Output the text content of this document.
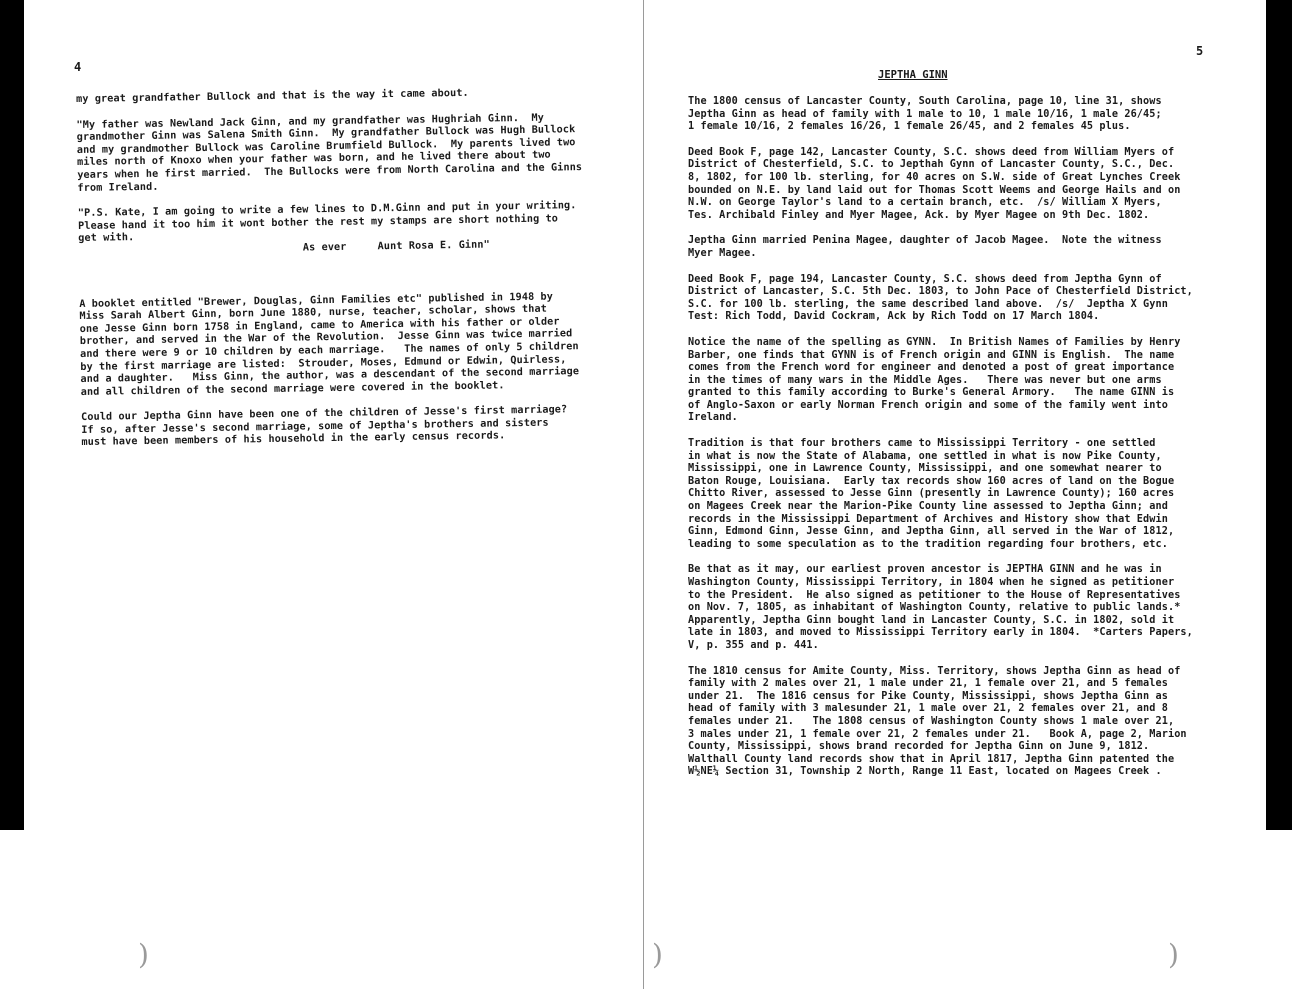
4
5

my great grandfather Bullock and that is the way it came about.

"My father was Newland Jack Ginn, and my grandfather was Hughriah Ginn.  My
grandmother Ginn was Salena Smith Ginn.  My grandfather Bullock was Hugh Bullock
and my grandmother Bullock was Caroline Brumfield Bullock.  My parents lived two
miles north of Knoxo when your father was born, and he lived there about two
years when he first married.  The Bullocks were from North Carolina and the Ginns
from Ireland.

"P.S. Kate, I am going to write a few lines to D.M.Ginn and put in your writing.
Please hand it too him it wont bother the rest my stamps are short nothing to
get with.
As ever     Aunt Rosa E. Ginn"

A booklet entitled "Brewer, Douglas, Ginn Families etc" published in 1948 by
Miss Sarah Albert Ginn, born June 1880, nurse, teacher, scholar, shows that
one Jesse Ginn born 1758 in England, came to America with his father or older
brother, and served in the War of the Revolution.  Jesse Ginn was twice married
and there were 9 or 10 children by each marriage.   The names of only 5 children
by the first marriage are listed:  Strouder, Moses, Edmund or Edwin, Quirless,
and a daughter.   Miss Ginn, the author, was a descendant of the second marriage
and all children of the second marriage were covered in the booklet.

Could our Jeptha Ginn have been one of the children of Jesse's first marriage?
If so, after Jesse's second marriage, some of Jeptha's brothers and sisters
must have been members of his household in the early census records.

JEPTHA GINN

The 1800 census of Lancaster County, South Carolina, page 10, line 31, shows
Jeptha Ginn as head of family with 1 male to 10, 1 male 10/16, 1 male 26/45;
1 female 10/16, 2 females 16/26, 1 female 26/45, and 2 females 45 plus.

Deed Book F, page 142, Lancaster County, S.C. shows deed from William Myers of
District of Chesterfield, S.C. to Jepthah Gynn of Lancaster County, S.C., Dec.
8, 1802, for 100 lb. sterling, for 40 acres on S.W. side of Great Lynches Creek
bounded on N.E. by land laid out for Thomas Scott Weems and George Hails and on
N.W. on George Taylor's land to a certain branch, etc.  /s/ William X Myers,
Tes. Archibald Finley and Myer Magee, Ack. by Myer Magee on 9th Dec. 1802.

Jeptha Ginn married Penina Magee, daughter of Jacob Magee.  Note the witness
Myer Magee.

Deed Book F, page 194, Lancaster County, S.C. shows deed from Jeptha Gynn of
District of Lancaster, S.C. 5th Dec. 1803, to John Pace of Chesterfield District,
S.C. for 100 lb. sterling, the same described land above.  /s/  Jeptha X Gynn
Test: Rich Todd, David Cockram, Ack by Rich Todd on 17 March 1804.

Notice the name of the spelling as GYNN.  In British Names of Families by Henry
Barber, one finds that GYNN is of French origin and GINN is English.  The name
comes from the French word for engineer and denoted a post of great importance
in the times of many wars in the Middle Ages.   There was never but one arms
granted to this family according to Burke's General Armory.   The name GINN is
of Anglo-Saxon or early Norman French origin and some of the family went into
Ireland.

Tradition is that four brothers came to Mississippi Territory - one settled
in what is now the State of Alabama, one settled in what is now Pike County,
Mississippi, one in Lawrence County, Mississippi, and one somewhat nearer to
Baton Rouge, Louisiana.  Early tax records show 160 acres of land on the Bogue
Chitto River, assessed to Jesse Ginn (presently in Lawrence County); 160 acres
on Magees Creek near the Marion-Pike County line assessed to Jeptha Ginn; and
records in the Mississippi Department of Archives and History show that Edwin
Ginn, Edmond Ginn, Jesse Ginn, and Jeptha Ginn, all served in the War of 1812,
leading to some speculation as to the tradition regarding four brothers, etc.

Be that as it may, our earliest proven ancestor is JEPTHA GINN and he was in
Washington County, Mississippi Territory, in 1804 when he signed as petitioner
to the President.  He also signed as petitioner to the House of Representatives
on Nov. 7, 1805, as inhabitant of Washington County, relative to public lands.*
Apparently, Jeptha Ginn bought land in Lancaster County, S.C. in 1802, sold it
late in 1803, and moved to Mississippi Territory early in 1804.  *Carters Papers,
V, p. 355 and p. 441.

The 1810 census for Amite County, Miss. Territory, shows Jeptha Ginn as head of
family with 2 males over 21, 1 male under 21, 1 female over 21, and 5 females
under 21.  The 1816 census for Pike County, Mississippi, shows Jeptha Ginn as
head of family with 3 malesunder 21, 1 male over 21, 2 females over 21, and 8
females under 21.   The 1808 census of Washington County shows 1 male over 21,
3 males under 21, 1 female over 21, 2 females under 21.   Book A, page 2, Marion
County, Mississippi, shows brand recorded for Jeptha Ginn on June 9, 1812.
Walthall County land records show that in April 1817, Jeptha Ginn patented the
W½NE¼ Section 31, Township 2 North, Range 11 East, located on Magees Creek .

)	)	)
